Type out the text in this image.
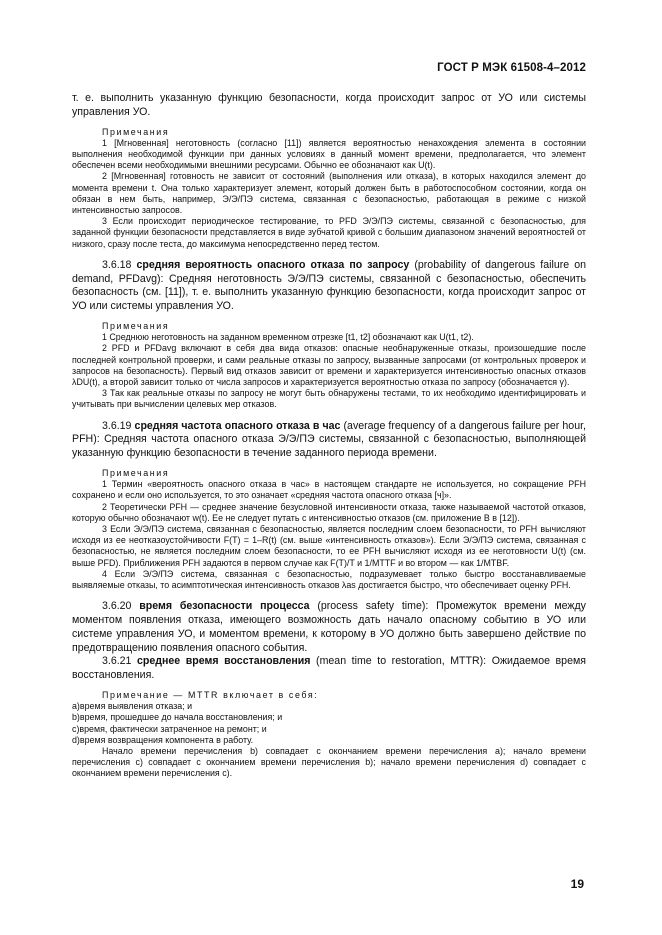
ГОСТ Р МЭК 61508-4–2012
т. е. выполнить указанную функцию безопасности, когда происходит запрос от УО или системы управления УО.
Примечания
1 [Мгновенная] неготовность (согласно [11]) является вероятностью ненахождения элемента в состоянии выполнения необходимой функции при данных условиях в данный момент времени, предполагается, что элемент обеспечен всеми необходимыми внешними ресурсами. Обычно ее обозначают как U(t).
2 [Мгновенная] готовность не зависит от состояний (выполнения или отказа), в которых находился элемент до момента времени t. Она только характеризует элемент, который должен быть в работоспособном состоянии, когда он обязан в нем быть, например, Э/Э/ПЭ система, связанная с безопасностью, работающая в режиме с низкой интенсивностью запросов.
3 Если происходит периодическое тестирование, то PFD Э/Э/ПЭ системы, связанной с безопасностью, для заданной функции безопасности представляется в виде зубчатой кривой с большим диапазоном значений вероятностей от низкого, сразу после теста, до максимума непосредственно перед тестом.
3.6.18 средняя вероятность опасного отказа по запросу (probability of dangerous failure on demand, PFDavg): Средняя неготовность Э/Э/ПЭ системы, связанной с безопасностью, обеспечить безопасность (см. [11]), т. е. выполнить указанную функцию безопасности, когда происходит запрос от УО или системы управления УО.
Примечания
1 Среднюю неготовность на заданном временном отрезке [t1, t2] обозначают как U(t1, t2).
2 PFD и PFDavg включают в себя два вида отказов: опасные необнаруженные отказы, произошедшие после последней контрольной проверки, и сами реальные отказы по запросу, вызванные запросами (от контрольных проверок и запросов на безопасность). Первый вид отказов зависит от времени и характеризуется интенсивностью опасных отказов λDU(t), а второй зависит только от числа запросов и характеризуется вероятностью отказа по запросу (обозначается γ).
3 Так как реальные отказы по запросу не могут быть обнаружены тестами, то их необходимо идентифицировать и учитывать при вычислении целевых мер отказов.
3.6.19 средняя частота опасного отказа в час (average frequency of a dangerous failure per hour, PFH): Средняя частота опасного отказа Э/Э/ПЭ системы, связанной с безопасностью, выполняющей указанную функцию безопасности в течение заданного периода времени.
Примечания
1 Термин «вероятность опасного отказа в час» в настоящем стандарте не используется, но сокращение PFH сохранено и если оно используется, то это означает «средняя частота опасного отказа [ч]».
2 Теоретически PFH — среднее значение безусловной интенсивности отказа, также называемой частотой отказов, которую обычно обозначают w(t). Ее не следует путать с интенсивностью отказов (см. приложение В в [12]).
3 Если Э/Э/ПЭ система, связанная с безопасностью, является последним слоем безопасности, то PFH вычисляют исходя из ее неотказоустойчивости F(T) = 1–R(t) (см. выше «интенсивность отказов»). Если Э/Э/ПЭ система, связанная с безопасностью, не является последним слоем безопасности, то ее PFH вычисляют исходя из ее неготовности U(t) (см. выше PFD). Приближения PFH задаются в первом случае как F(T)/T и 1/MTTF и во втором — как 1/MTBF.
4 Если Э/Э/ПЭ система, связанная с безопасностью, подразумевает только быстро восстанавливаемые выявляемые отказы, то асимптотическая интенсивность отказов λas достигается быстро, что обеспечивает оценку PFH.
3.6.20 время безопасности процесса (process safety time): Промежуток времени между моментом появления отказа, имеющего возможность дать начало опасному событию в УО или системе управления УО, и моментом времени, к которому в УО должно быть завершено действие по предотвращению появления опасного события.
3.6.21 среднее время восстановления (mean time to restoration, MTTR): Ожидаемое время восстановления.
Примечание — MTTR включает в себя:
a)время выявления отказа; и
b)время, прошедшее до начала восстановления; и
c)время, фактически затраченное на ремонт; и
d)время возвращения компонента в работу.
Начало времени перечисления b) совпадает с окончанием времени перечисления a); начало времени перечисления c) совпадает с окончанием времени перечисления b); начало времени перечисления d) совпадает с окончанием времени перечисления c).
19
